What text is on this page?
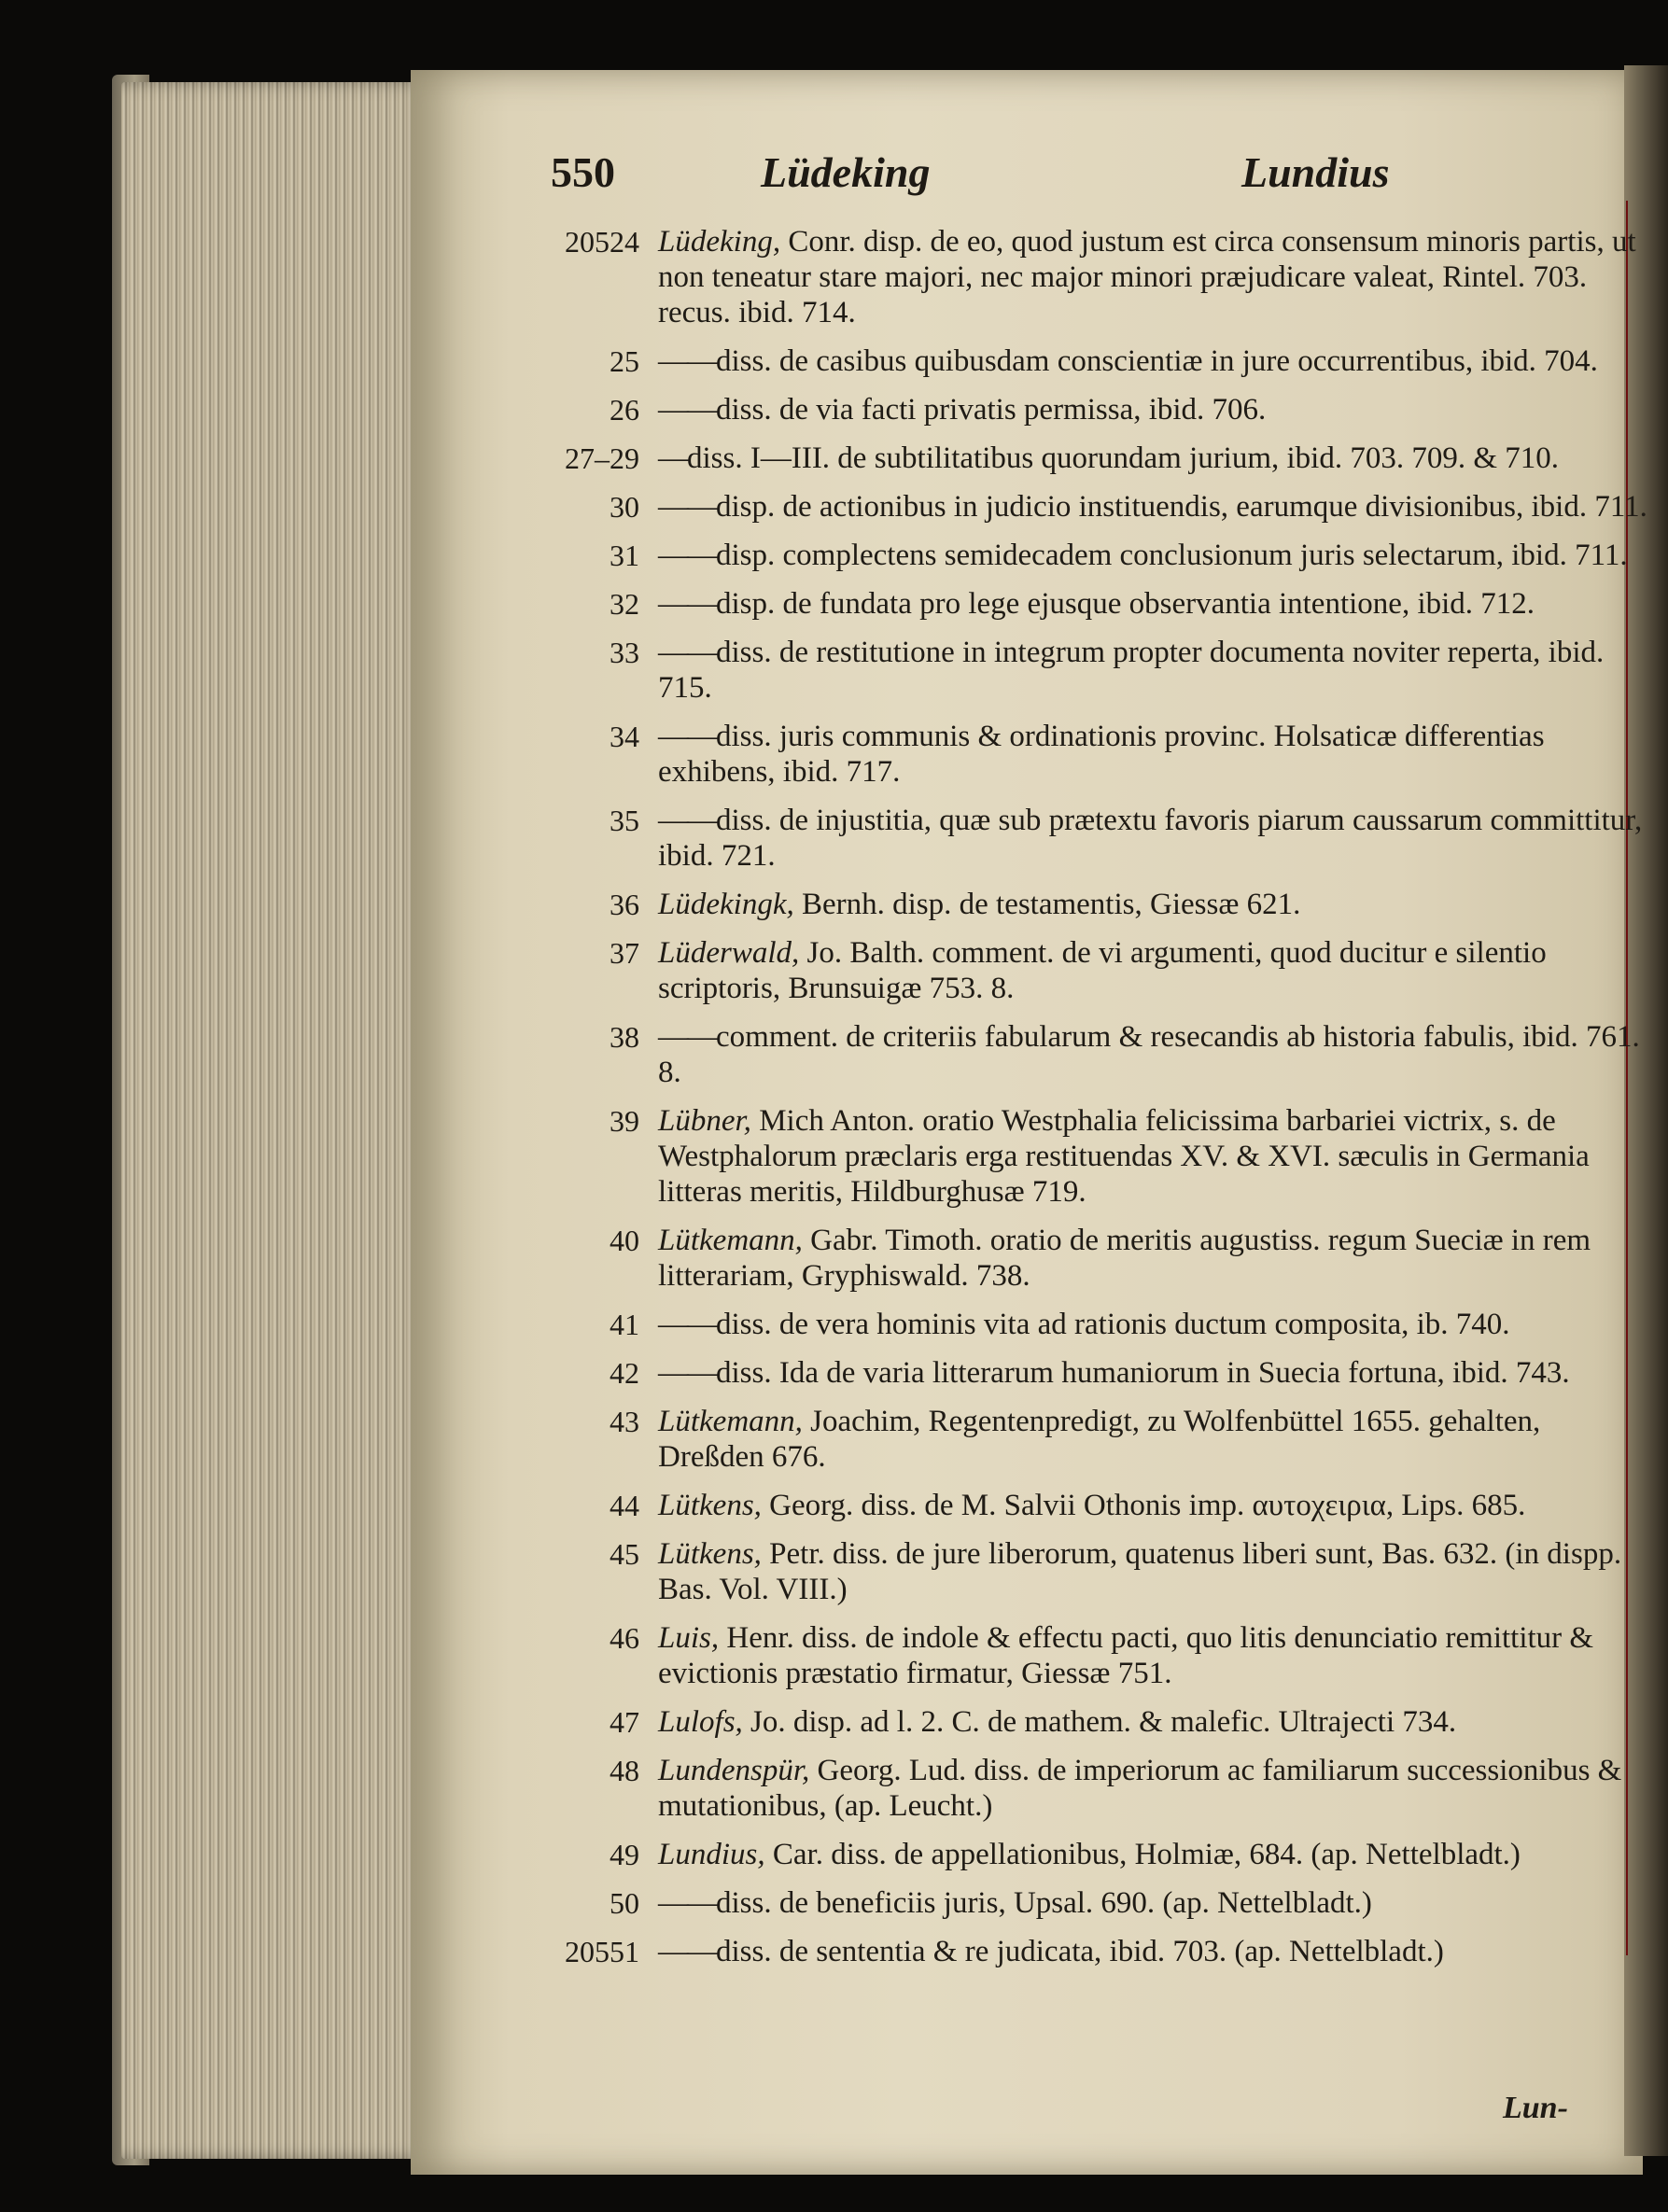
550	Lüdeking	Lundius
20524 Lüdeking, Conr. disp. de eo, quod justum est circa consensum minoris partis, ut non teneatur stare majori, nec major minori præjudicare valeat, Rintel. 703. recus. ibid. 714.
25 ——diss. de casibus quibusdam conscientiæ in jure occurrentibus, ibid. 704.
26 ——diss. de via facti privatis permissa, ibid. 706.
27–29 —diss. I—III. de subtilitatibus quorundam jurium, ibid. 703. 709. & 710.
30 ——disp. de actionibus in judicio instituendis, earumque divisionibus, ibid. 711.
31 ——disp. complectens semidecadem conclusionum juris selectarum, ibid. 711.
32 ——disp. de fundata pro lege ejusque observantia intentione, ibid. 712.
33 ——diss. de restitutione in integrum propter documenta noviter reperta, ibid. 715.
34 ——diss. juris communis & ordinationis provinc. Holsaticæ differentias exhibens, ibid. 717.
35 ——diss. de injustitia, quæ sub prætextu favoris piarum caussarum committitur, ibid. 721.
36 Lüdekingk, Bernh. disp. de testamentis, Giessæ 621.
37 Lüderwald, Jo. Balth. comment. de vi argumenti, quod ducitur e silentio scriptoris, Brunsuigæ 753. 8.
38 ——comment. de criteriis fabularum & resecandis ab historia fabulis, ibid. 761. 8.
39 Lübner, Mich Anton. oratio Westphalia felicissima barbariei victrix, s. de Westphalorum præclaris erga restituendas XV. & XVI. sæculis in Germania litteras meritis, Hildburghusæ 719.
40 Lütkemann, Gabr. Timoth. oratio de meritis augustiss. regum Sueciæ in rem litterariam, Gryphiswald. 738.
41 ——diss. de vera hominis vita ad rationis ductum composita, ib. 740.
42 ——diss. Ida de varia litterarum humaniorum in Suecia fortuna, ibid. 743.
43 Lütkemann, Joachim, Regentenpredigt, zu Wolfenbüttel 1655. gehalten, Dreßden 676.
44 Lütkens, Georg. diss. de M. Salvii Othonis imp. αυτοχειρια, Lips. 685.
45 Lütkens, Petr. diss. de jure liberorum, quatenus liberi sunt, Bas. 632. (in dispp. Bas. Vol. VIII.)
46 Luis, Henr. diss. de indole & effectu pacti, quo litis denunciatio remittitur & evictionis præstatio firmatur, Giessæ 751.
47 Lulofs, Jo. disp. ad l. 2. C. de mathem. & malefic. Ultrajecti 734.
48 Lundenspür, Georg. Lud. diss. de imperiorum ac familiarum successionibus & mutationibus, (ap. Leucht.)
49 Lundius, Car. diss. de appellationibus, Holmiæ, 684. (ap. Nettelbladt.)
50 ——diss. de beneficiis juris, Upsal. 690. (ap. Nettelbladt.)
20551 ——diss. de sententia & re judicata, ibid. 703. (ap. Nettelbladt.)
Lun-
